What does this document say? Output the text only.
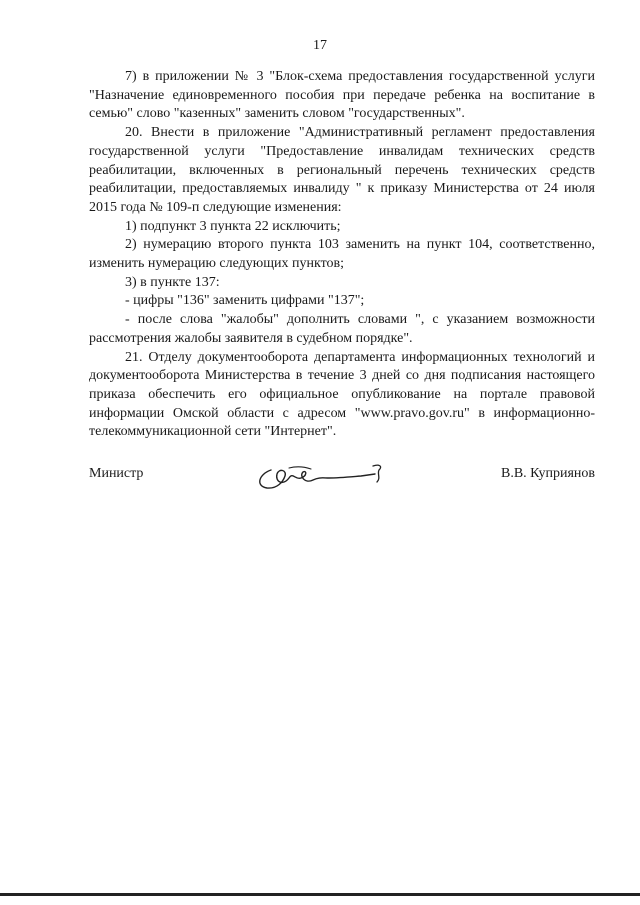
17

7) в приложении № 3 "Блок-схема предоставления государственной услуги "Назначение единовременного пособия при передаче ребенка на воспитание в семью" слово "казенных" заменить словом "государственных".

20. Внести в приложение "Административный регламент предоставления государственной услуги "Предоставление инвалидам технических средств реабилитации, включенных в региональный перечень технических средств реабилитации, предоставляемых инвалиду " к приказу Министерства от 24 июля 2015 года № 109-п следующие изменения:

1) подпункт 3 пункта 22 исключить;

2) нумерацию второго пункта 103 заменить на пункт 104, соответственно, изменить нумерацию следующих пунктов;

3) в пункте 137:

- цифры "136" заменить цифрами "137";

- после слова "жалобы" дополнить словами ", с указанием возможности рассмотрения жалобы заявителя в судебном порядке".

21. Отделу документооборота департамента информационных технологий и документооборота Министерства в течение 3 дней со дня подписания настоящего приказа обеспечить его официальное опубликование на портале правовой информации Омской области с адресом "www.pravo.gov.ru" в информационно-телекоммуникационной сети "Интернет".

Министр	В.В. Куприянов
